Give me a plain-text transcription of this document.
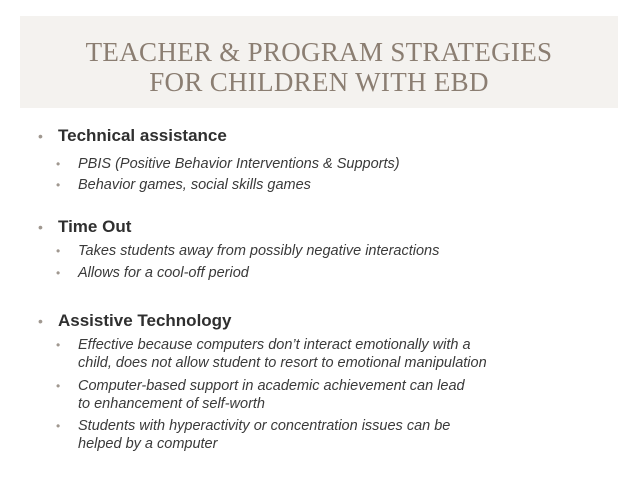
TEACHER & PROGRAM STRATEGIES
FOR CHILDREN WITH EBD
• Technical assistance
• PBIS (Positive Behavior Interventions & Supports)
• Behavior games, social skills games
• Time Out
• Takes students away from possibly negative interactions
• Allows for a cool-off period
• Assistive Technology
• Effective because computers don’t interact emotionally with a
child, does not allow student to resort to emotional manipulation
• Computer-based support in academic achievement can lead
to enhancement of self-worth
• Students with hyperactivity or concentration issues can be
helped by a computer
